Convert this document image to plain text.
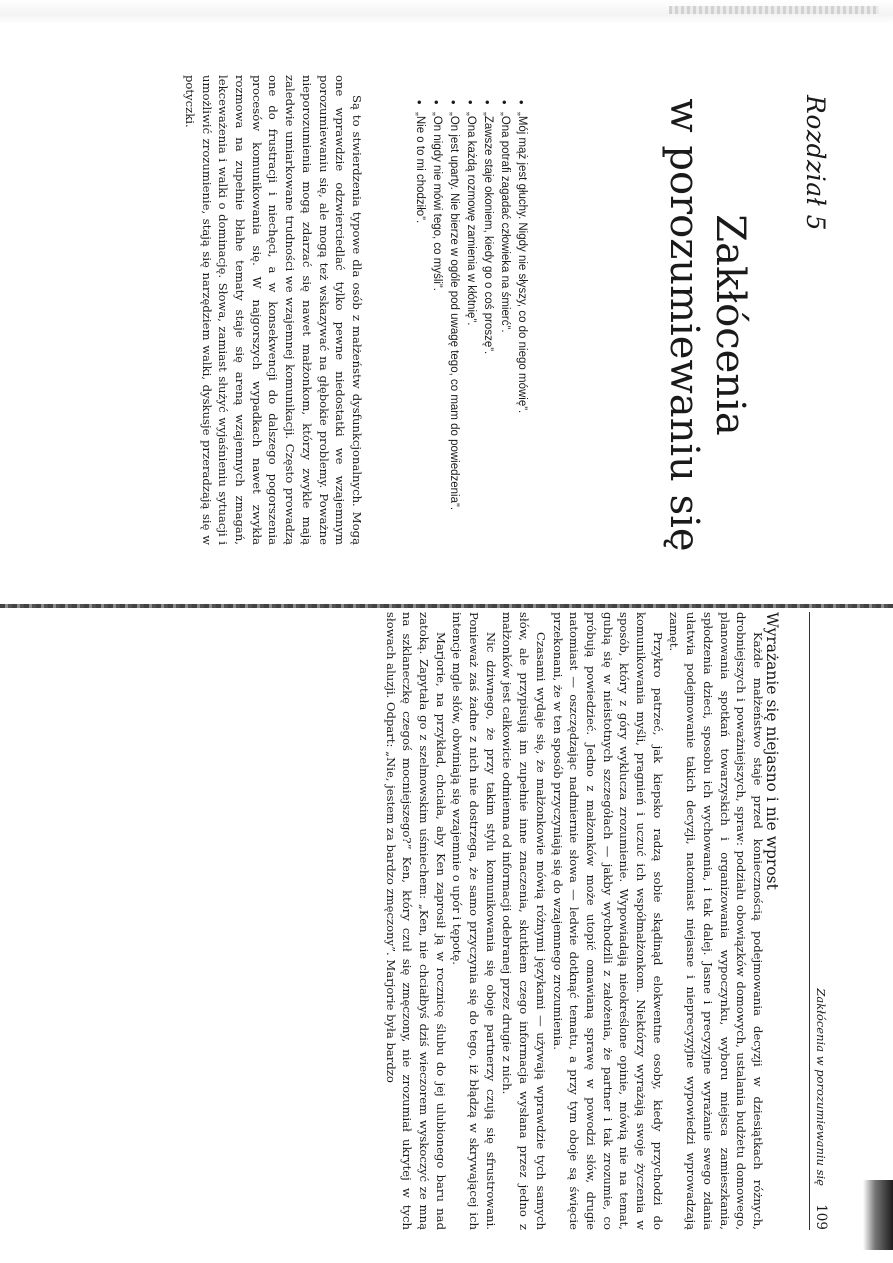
Rozdział 5
Zakłócenia
w porozumiewaniu się
• „Mój mąż jest głuchy. Nigdy nie słyszy, co do niego mówię”.
• „Ona potrafi zagadać człowieka na śmierć”.
• „Zawsze staje okoniem, kiedy go o coś proszę”.
• „Ona każdą rozmowę zamienia w kłótnię”.
• „On jest uparty. Nie bierze w ogóle pod uwagę tego, co mam do powiedzenia”.
• „On nigdy nie mówi tego, co myśli”.
• „Nie o to mi chodziło”.

Są to stwierdzenia typowe dla osób z małżeństw dysfunkcjonalnych. Mogą one wprawdzie odzwierciedlać tylko pewne niedostatki we wzajemnym porozumiewaniu się, ale mogą też wskazywać na głębokie problemy. Poważne nieporozumienia mogą zdarzać się nawet małżonkom, którzy zwykle mają zaledwie umiarkowane trudności we wzajemnej komunikacji. Często prowadzą one do frustracji i niechęci, a w konsekwencji do dalszego pogorszenia procesów komunikowania się. W najgorszych wypadkach nawet zwykła rozmowa na zupełnie błahe tematy staje się areną wzajemnych zmagań, lekceważenia i walki o dominację. Słowa, zamiast służyć wyjaśnieniu sytuacji i umożliwić zrozumienie, stają się narzędziem walki, dyskusje przeradzają się w potyczki.

Zakłócenia w porozumiewaniu się
109
Wyrażanie się niejasno i nie wprost

Każde małżeństwo staje przed koniecznością podejmowania decyzji w dziesiątkach różnych, drobniejszych i poważniejszych, spraw: podziału obowiązków domowych, ustalania budżetu domowego, planowania spotkań towarzyskich i organizowania wypoczynku, wyboru miejsca zamieszkania, spłodzenia dzieci, sposobu ich wychowania, i tak dalej. Jasne i precyzyjne wyrażanie swego zdania ułatwia podejmowanie takich decyzji, natomiast niejasne i nieprecyzyjne wypowiedzi wprowadzają zamęt.

Przykro patrzeć, jak kiepsko radzą sobie skądinąd elokwentne osoby, kiedy przychodzi do komunikowania myśli, pragnień i uczuć ich współmałżonkom. Niektórzy wyrażają swoje życzenia w sposób, który z góry wyklucza zrozumienie. Wypowiadają nieokreślone opinie, mówią nie na temat, gubią się w nieistotnych szczegółach — jakby wychodzili z założenia, że partner i tak zrozumie, co próbują powiedzieć. Jedno z małżonków może utopić omawianą sprawę w powodzi słów, drugie natomiast — oszczędzając nadmiernie słowa — ledwie dotknąć tematu, a przy tym oboje są święcie przekonani, że w ten sposób przyczyniają się do wzajemnego zrozumienia.

Czasami wydaje się, że małżonkowie mówią różnymi językami — używają wprawdzie tych samych słów, ale przypisują im zupełnie inne znaczenia, skutkiem czego informacja wysłana przez jedno z małżonków jest całkowicie odmienna od informacji odebranej przez drugie z nich.

Nic dziwnego, że przy takim stylu komunikowania się oboje partnerzy czują się sfrustrowani. Ponieważ zaś żadne z nich nie dostrzega, że samo przyczynia się do tego, iż błądzą w skrywającej ich intencje mgle słów, obwiniają się wzajemnie o upór i tępotę.

Marjorie, na przykład, chciała, aby Ken zaprosił ją w rocznicę ślubu do jej ulubionego baru nad zatoką. Zapytała go z szelmowskim uśmiechem: „Ken, nie chciałbyś dziś wieczorem wyskoczyć ze mną na szklaneczkę czegoś mocniejszego?” Ken, który czuł się zmęczony, nie zrozumiał ukrytej w tych słowach aluzji. Odpart: „Nie, jestem za bardzo zmęczony”. Marjorie była bardzo
